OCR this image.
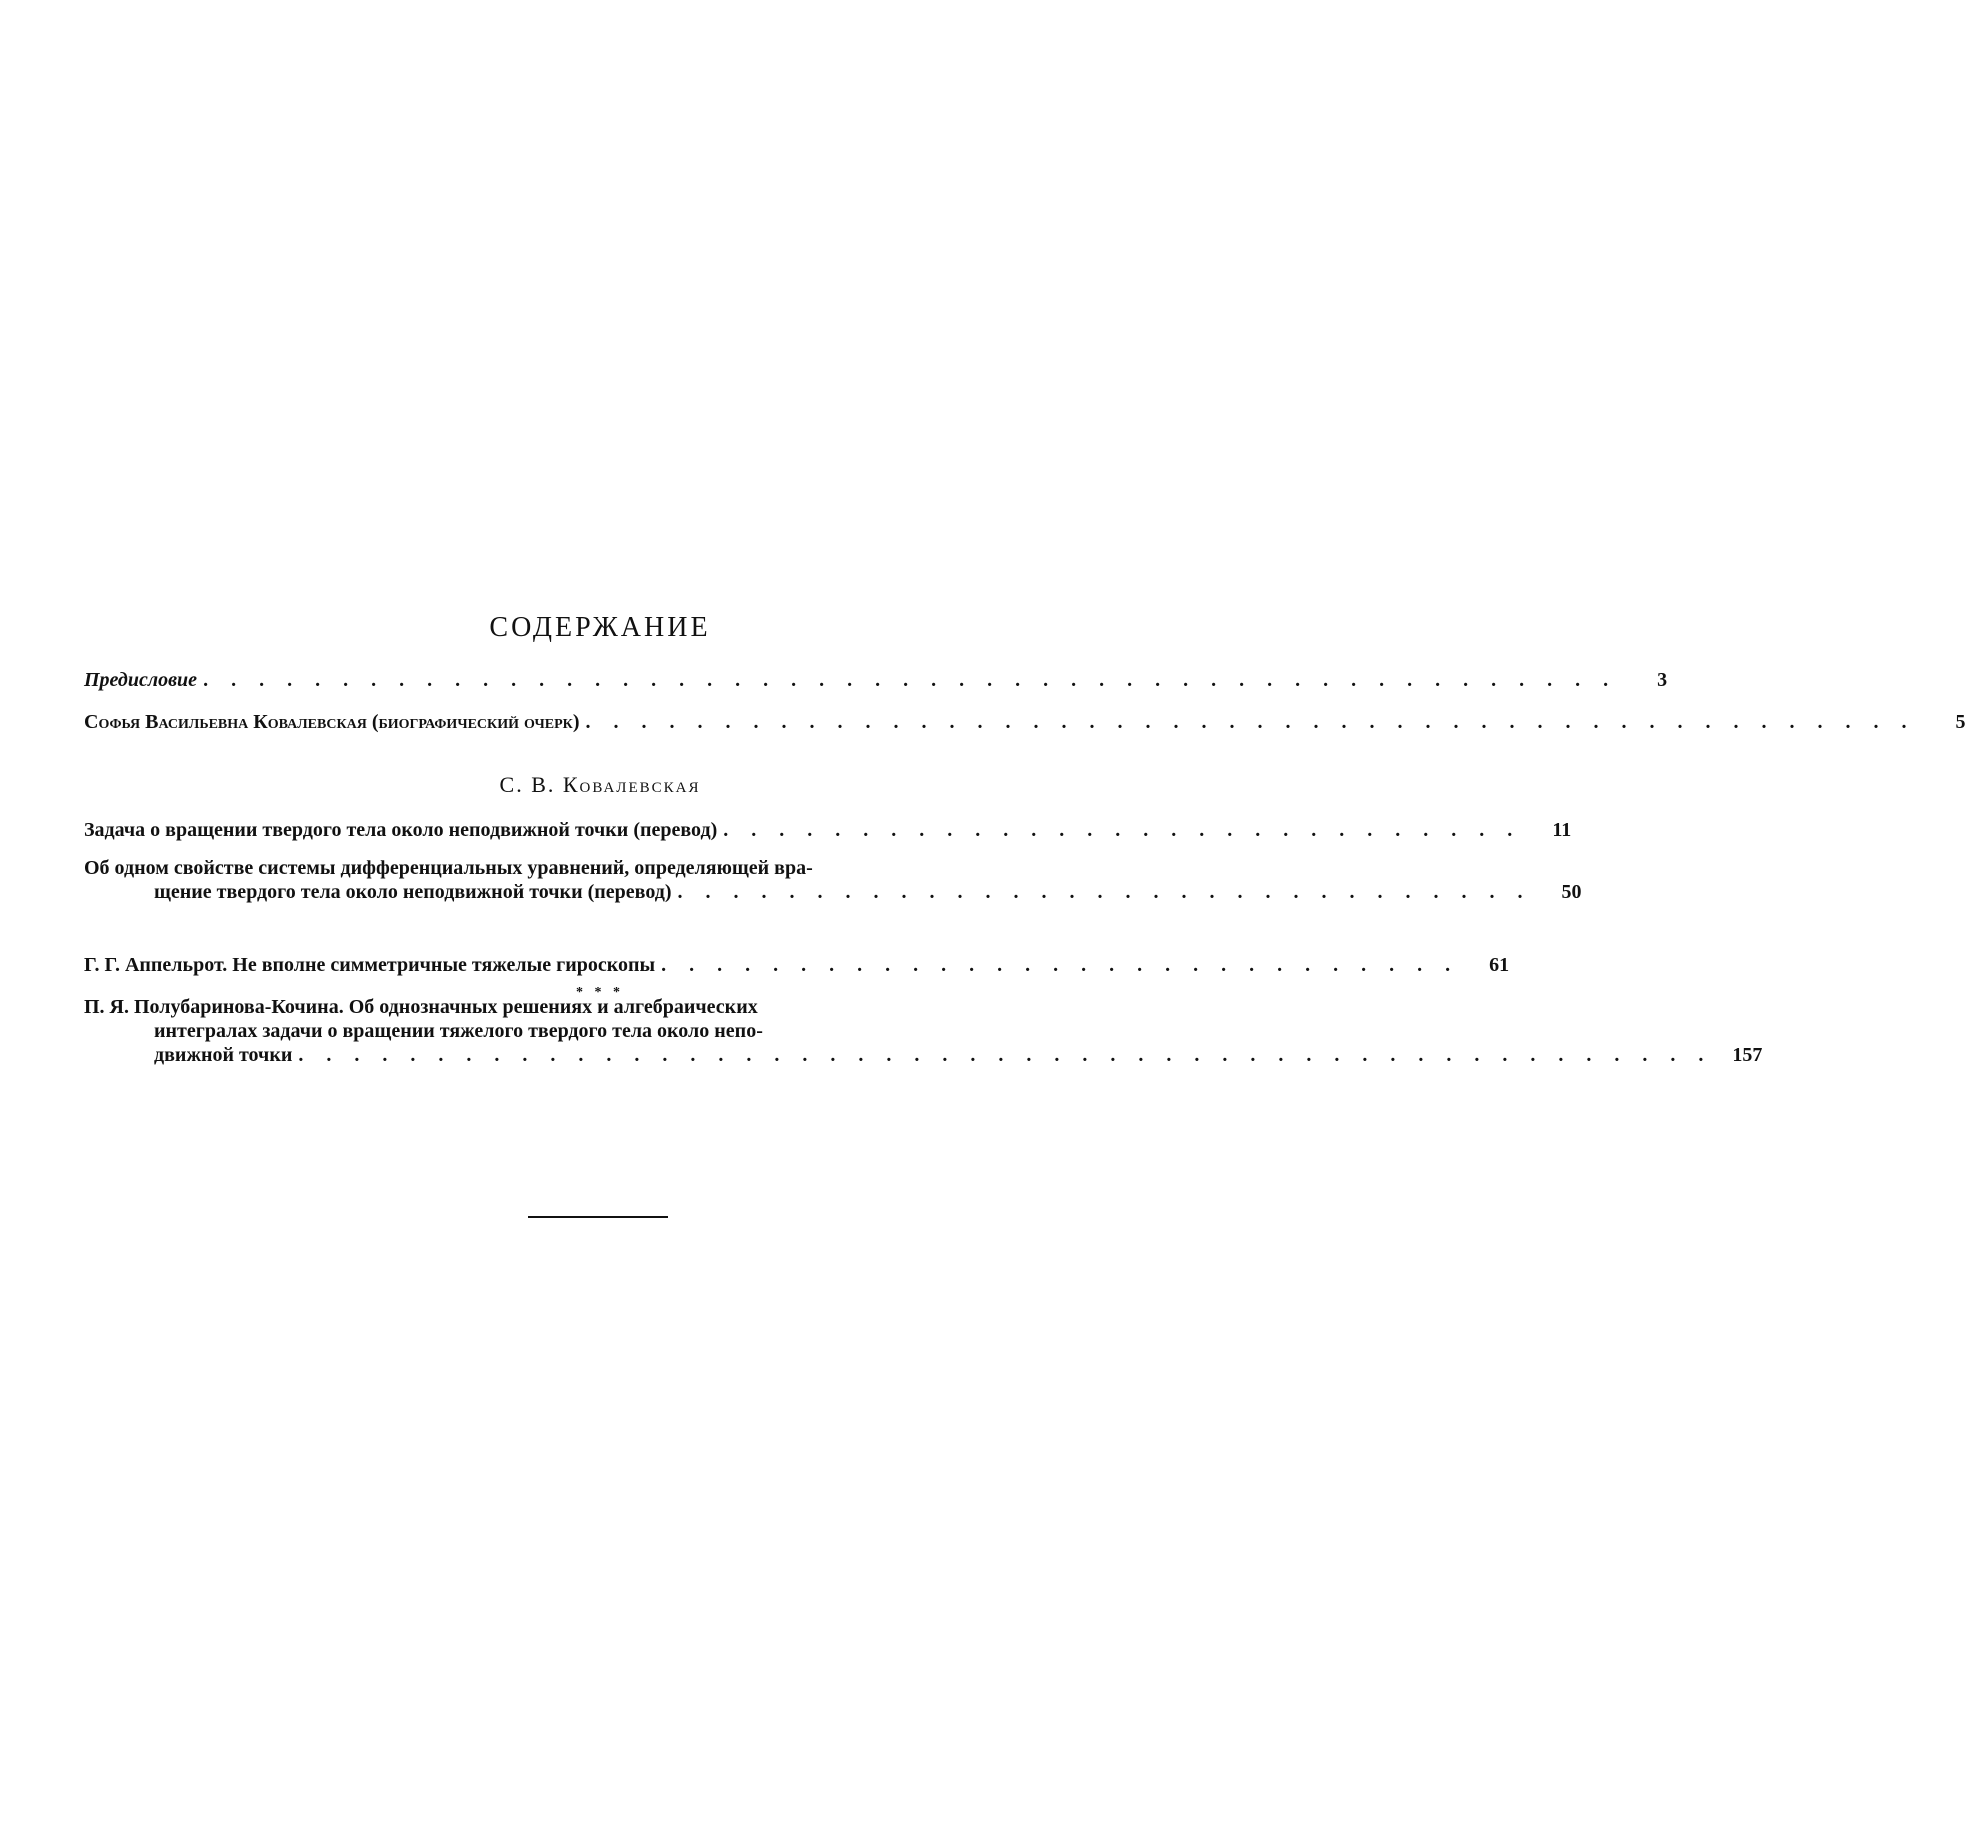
СОДЕРЖАНИЕ
Предисловие . . . . . . . . . . . . . . . . . . . . . . . . . . . . . . . . . . . . . . . . . . . . . . . . . . .	3
Софья Васильевна Ковалевская (биографический очерк) . . . . . . . . . . . . . . . . . . . . . . . . . . . . . . . . . . . . . . . . . . . . . . . .	5
С. В. Ковалевская
Задача о вращении твердого тела около неподвижной точки (перевод) . . . . . . . . . . . . . . . . . . . . . . . . . . . . .	11
Об одном свойстве системы дифференциальных уравнений, определяющей вра-
щение твердого тела около неподвижной точки (перевод) . . . . . . . . . . . . . . . . . . . . . . . . . . . . . . .	50
* * *
Г. Г. Аппельрот. Не вполне симметричные тяжелые гироскопы . . . . . . . . . . . . . . . . . . . . . . . . . . . . .	61
П. Я. Полубаринова-Кочина. Об однозначных решениях и алгебраических
интегралах задачи о вращении тяжелого твердого тела около непо-
движной точки . . . . . . . . . . . . . . . . . . . . . . . . . . . . . . . . . . . . . . . . . . . . . . . . . . .	157
